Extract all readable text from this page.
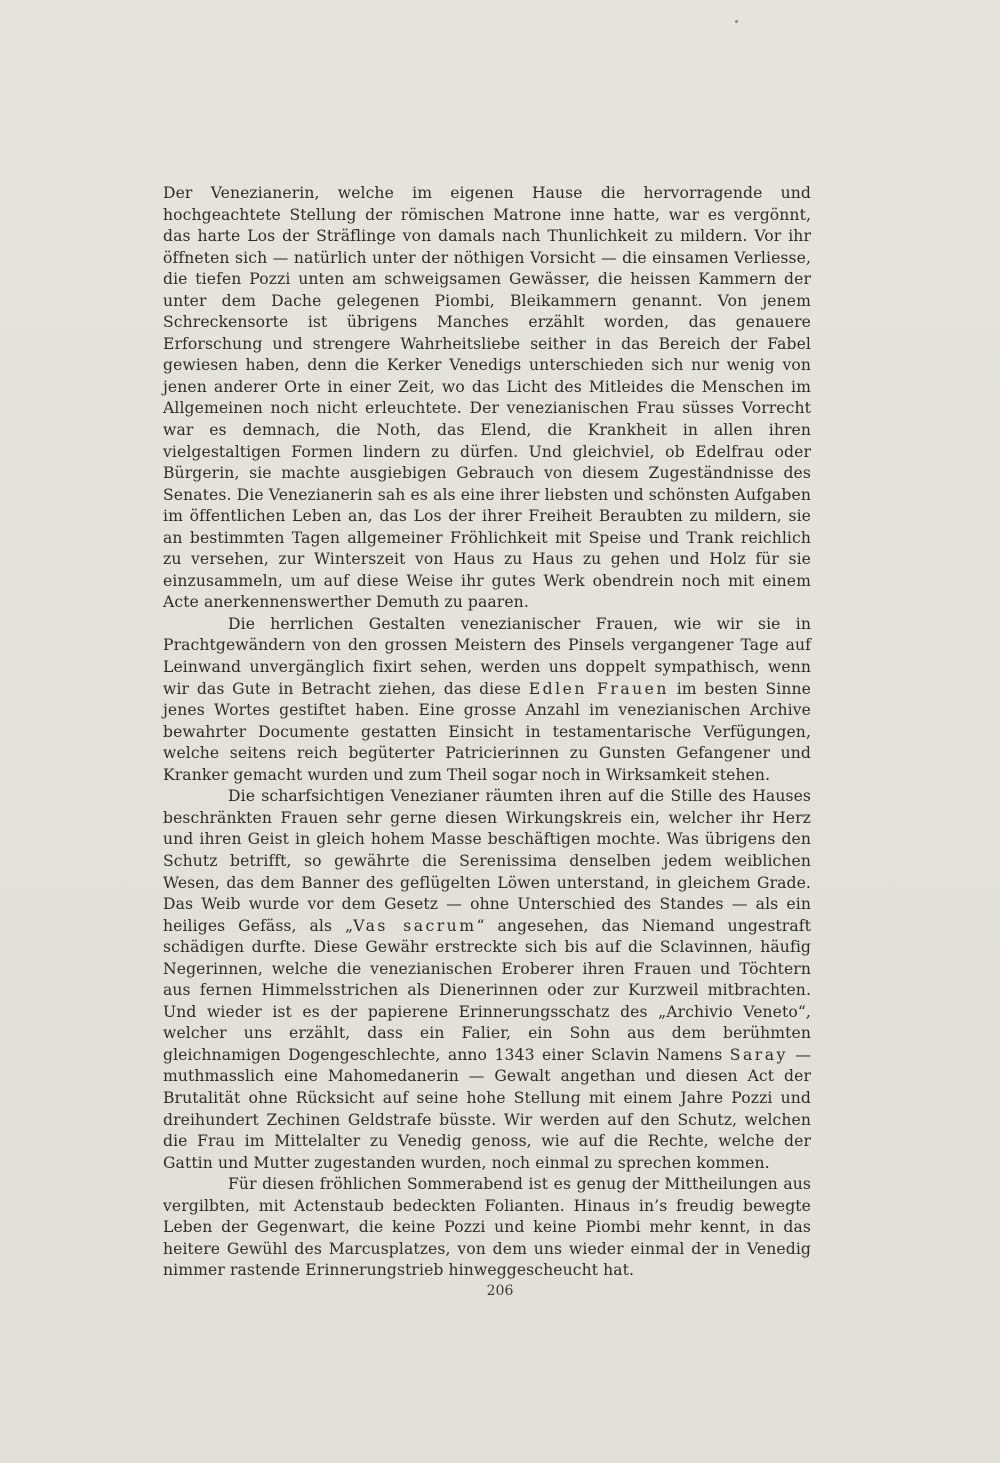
Der Venezianerin, welche im eigenen Hause die hervorragende und hochgeachtete Stellung der römischen Matrone inne hatte, war es vergönnt, das harte Los der Sträflinge von damals nach Thunlichkeit zu mildern. Vor ihr öffneten sich — natürlich unter der nöthigen Vorsicht — die einsamen Verliesse, die tiefen Pozzi unten am schweigsamen Gewässer, die heissen Kammern der unter dem Dache gelegenen Piombi, Bleikammern genannt. Von jenem Schreckensorte ist übrigens Manches erzählt worden, das genauere Erforschung und strengere Wahrheitsliebe seither in das Bereich der Fabel gewiesen haben, denn die Kerker Venedigs unterschieden sich nur wenig von jenen anderer Orte in einer Zeit, wo das Licht des Mitleides die Menschen im Allgemeinen noch nicht erleuchtete. Der venezianischen Frau süsses Vorrecht war es demnach, die Noth, das Elend, die Krankheit in allen ihren vielgestaltigen Formen lindern zu dürfen. Und gleichviel, ob Edelfrau oder Bürgerin, sie machte ausgiebigen Gebrauch von diesem Zugeständnisse des Senates. Die Venezianerin sah es als eine ihrer liebsten und schönsten Aufgaben im öffentlichen Leben an, das Los der ihrer Freiheit Beraubten zu mildern, sie an bestimmten Tagen allgemeiner Fröhlichkeit mit Speise und Trank reichlich zu versehen, zur Winterszeit von Haus zu Haus zu gehen und Holz für sie einzusammeln, um auf diese Weise ihr gutes Werk obendrein noch mit einem Acte anerkennenswerther Demuth zu paaren.

Die herrlichen Gestalten venezianischer Frauen, wie wir sie in Prachtgewändern von den grossen Meistern des Pinsels vergangener Tage auf Leinwand unvergänglich fixirt sehen, werden uns doppelt sympathisch, wenn wir das Gute in Betracht ziehen, das diese Edlen Frauen im besten Sinne jenes Wortes gestiftet haben. Eine grosse Anzahl im venezianischen Archive bewahrter Documente gestatten Einsicht in testamentarische Verfügungen, welche seitens reich begüterter Patricierinnen zu Gunsten Gefangener und Kranker gemacht wurden und zum Theil sogar noch in Wirksamkeit stehen.

Die scharfsichtigen Venezianer räumten ihren auf die Stille des Hauses beschränkten Frauen sehr gerne diesen Wirkungskreis ein, welcher ihr Herz und ihren Geist in gleich hohem Masse beschäftigen mochte. Was übrigens den Schutz betrifft, so gewährte die Serenissima denselben jedem weiblichen Wesen, das dem Banner des geflügelten Löwen unterstand, in gleichem Grade. Das Weib wurde vor dem Gesetz — ohne Unterschied des Standes — als ein heiliges Gefäss, als „Vas sacrum“ angesehen, das Niemand ungestraft schädigen durfte. Diese Gewähr erstreckte sich bis auf die Sclavinnen, häufig Negerinnen, welche die venezianischen Eroberer ihren Frauen und Töchtern aus fernen Himmelsstrichen als Dienerinnen oder zur Kurzweil mitbrachten. Und wieder ist es der papierene Erinnerungsschatz des „Archivio Veneto“, welcher uns erzählt, dass ein Falier, ein Sohn aus dem berühmten gleichnamigen Dogengeschlechte, anno 1343 einer Sclavin Namens Saray — muthmasslich eine Mahomedanerin — Gewalt angethan und diesen Act der Brutalität ohne Rücksicht auf seine hohe Stellung mit einem Jahre Pozzi und dreihundert Zechinen Geldstrafe büsste. Wir werden auf den Schutz, welchen die Frau im Mittelalter zu Venedig genoss, wie auf die Rechte, welche der Gattin und Mutter zugestanden wurden, noch einmal zu sprechen kommen.

Für diesen fröhlichen Sommerabend ist es genug der Mittheilungen aus vergilbten, mit Actenstaub bedeckten Folianten. Hinaus in’s freudig bewegte Leben der Gegenwart, die keine Pozzi und keine Piombi mehr kennt, in das heitere Gewühl des Marcusplatzes, von dem uns wieder einmal der in Venedig nimmer rastende Erinnerungstrieb hinweggescheucht hat.

206
